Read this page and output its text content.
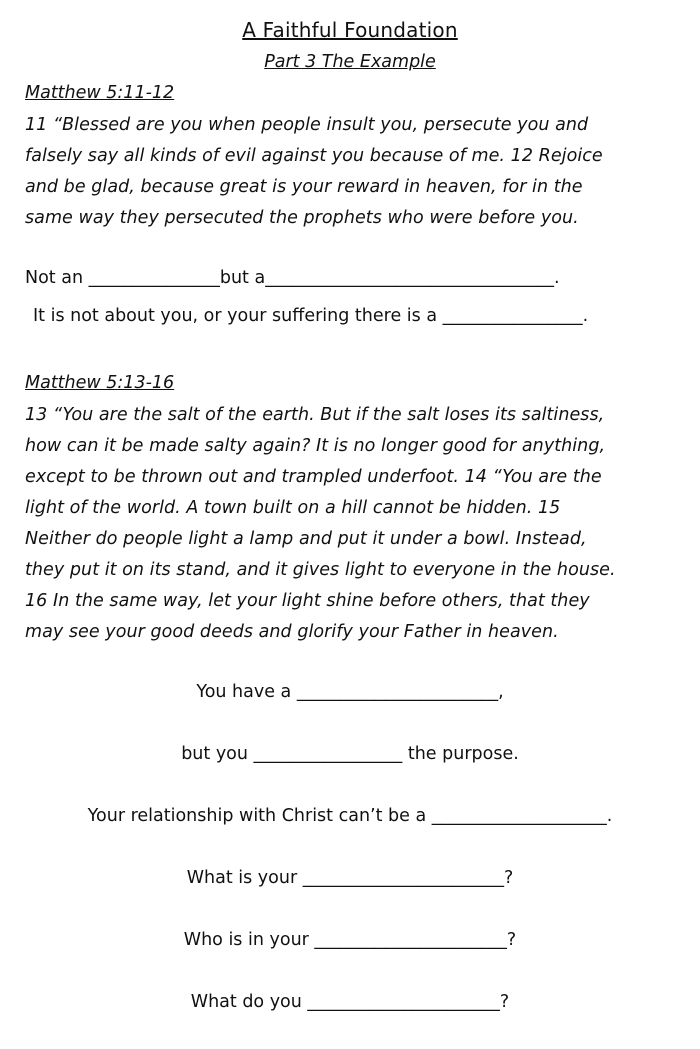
A Faithful Foundation
Part 3 The Example
Matthew 5:11-12

11 “Blessed are you when people insult you, persecute you and

falsely say all kinds of evil against you because of me. 12 Rejoice

and be glad, because great is your reward in heaven, for in the

same way they persecuted the prophets who were before you.

Not an _______________but a_________________________________.
It is not about you, or your suffering there is a ________________.
Matthew 5:13-16

13 “You are the salt of the earth. But if the salt loses its saltiness,

how can it be made salty again? It is no longer good for anything,

except to be thrown out and trampled underfoot. 14 “You are the

light of the world. A town built on a hill cannot be hidden. 15

Neither do people light a lamp and put it under a bowl. Instead,

they put it on its stand, and it gives light to everyone in the house.

16 In the same way, let your light shine before others, that they

may see your good deeds and glorify your Father in heaven.

You have a _______________________,
but you _________________ the purpose.
Your relationship with Christ can’t be a ____________________.
What is your _______________________?
Who is in your ______________________?
What do you ______________________?
